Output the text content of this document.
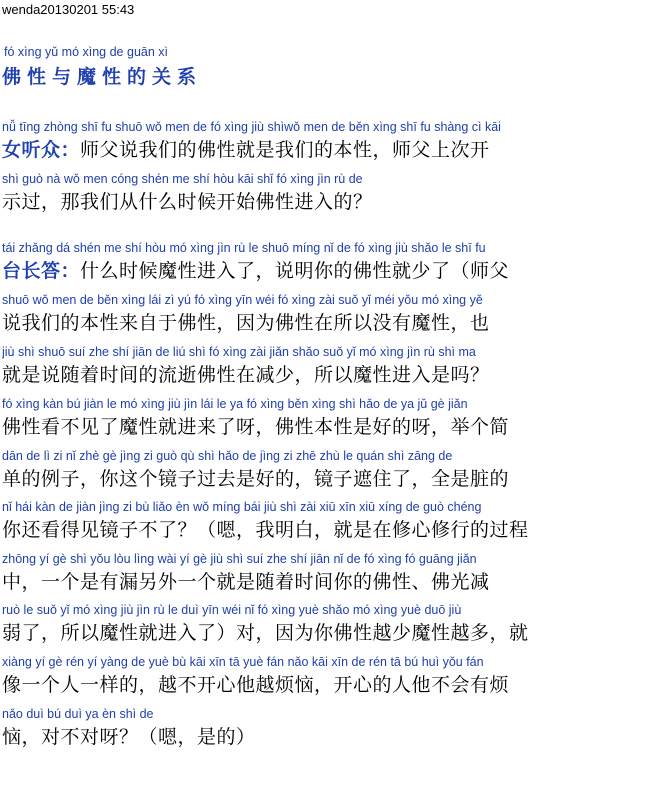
wenda20130201 55:43
fó xìng yǔ mó xìng de guān xì
佛性与魔性的关系
nǚ tīng zhòng shī fu shuō wǒ men de fó xìng jiù shìwǒ men de běn xìng shī fu shàng cì kāi
女听众：师父说我们的佛性就是我们的本性，师父上次开
shì guò nà wǒ men cóng shén me shí hòu kāi shǐ fó xìng jìn rù de
示过，那我们从什么时候开始佛性进入的？
tái zhǎng dá shén me shí hòu mó xìng jìn rù le shuō míng nǐ de fó xìng jiù shǎo le shī fu
台长答：什么时候魔性进入了，说明你的佛性就少了（师父
shuō wǒ men de běn xìng lái zì yú fó xìng yīn wéi fó xìng zài suǒ yǐ méi yǒu mó xìng yě
说我们的本性来自于佛性，因为佛性在所以没有魔性，也
jiù shì shuō suí zhe shí jiān de liú shì fó xìng zài jiǎn shǎo suǒ yǐ mó xìng jìn rù shì ma
就是说随着时间的流逝佛性在减少，所以魔性进入是吗？
fó xìng kàn bú jiàn le mó xìng jiù jìn lái le ya fó xìng běn xìng shì hǎo de ya jǔ gè jiǎn
佛性看不见了魔性就进来了呀，佛性本性是好的呀，举个简
dān de lì zi nǐ zhè gè jìng zi guò qù shì hǎo de jìng zi zhē zhù le quán shì zāng de
单的例子，你这个镜子过去是好的，镜子遮住了，全是脏的
nǐ hái kàn de jiàn jìng zi bù liǎo èn wǒ míng bái jiù shì zài xiū xīn xiū xíng de guò chéng
你还看得见镜子不了？（嗯，我明白，就是在修心修行的过程
zhōng yí gè shì yǒu lòu lìng wài yí gè jiù shì suí zhe shí jiān nǐ de fó xìng fó guāng jiǎn
中，一个是有漏另外一个就是随着时间你的佛性、佛光减
ruò le suǒ yǐ mó xìng jiù jìn rù le duì yīn wéi nǐ fó xìng yuè shǎo mó xìng yuè duō jiù
弱了，所以魔性就进入了）对，因为你佛性越少魔性越多，就
xiàng yí gè rén yí yàng de yuè bù kāi xīn tā yuè fán nǎo kāi xīn de rén tā bú huì yǒu fán
像一个人一样的，越不开心他越烦恼，开心的人他不会有烦
nǎo duì bú duì ya èn shì de
恼，对不对呀？（嗯，是的）
